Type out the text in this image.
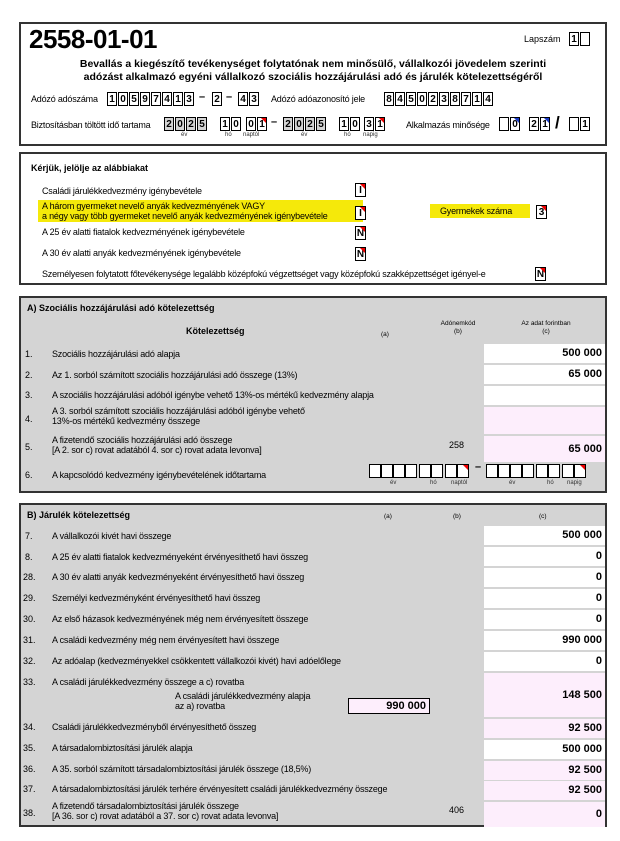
2558-01-01	Lapszám 1
Bevallás a kiegészítő tevékenységet folytatónak nem minősülő, vállalkozói jövedelem szerinti
adózást alkalmazó egyéni vállalkozó szociális hozzájárulási adó és járulék kötelezettségéről
Adózó adószáma 1 0 5 9 7 4 1 3 – 2 – 4 3 Adózó adóazonosító jele 8 4 5 0 2 3 8 7 1 4
Biztosításban töltött idő tartama 2 0 2 5 1 0 0 1 – 2 0 2 5 1 0 3 1
év	hó naptól	év	hó napig
Alkalmazás minősége 0 2 1 / 1
Kérjük, jelölje az alábbiakat
Családi járulékkedvezmény igénybevétele	I
A három gyermeket nevelő anyák kedvezményének VAGY
a négy vagy több gyermeket nevelő anyák kedvezményének igénybevétele	I	Gyermekek száma	3
A 25 év alatti fiatalok kedvezményének igénybevétele	N
A 30 év alatti anyák kedvezményének igénybevétele	N
Személyesen folytatott főtevékenysége legalább középfokú végzettséget vagy középfokú szakképzettséget igényel-e	N
A) Szociális hozzájárulási adó kötelezettség
Kötelezettség	(a)
Adónemkód
(b)
Az adat forintban
(c)
1. Szociális hozzájárulási adó alapja	500 000
2. Az 1. sorból számított szociális hozzájárulási adó összege (13%)	65 000
3. A szociális hozzájárulási adóból igénybe vehető 13%-os mértékű kedvezmény alapja
4.
A 3. sorból számított szociális hozzájárulási adóból igénybe vehető
13%-os mértékű kedvezmény összege
5.
A fizetendő szociális hozzájárulási adó összege
[A 2. sor c) rovat adatából 4. sor c) rovat adata levonva]	258	65 000
6. A kapcsolódó kedvezmény igénybevételének időtartama
–
év	hó naptól	év	hó napig
B) Járulék kötelezettség	(a)	(b)	(c)
7. A vállalkozói kivét havi összege	500 000
8. A 25 év alatti fiatalok kedvezményeként érvényesíthető havi összeg	0
28. A 30 év alatti anyák kedvezményeként érvényesíthető havi összeg	0
29. Személyi kedvezményként érvényesíthető havi összeg	0
30. Az első házasok kedvezményének még nem érvényesített összege	0
31. A családi kedvezmény még nem érvényesített havi összege	990 000
32. Az adóalap (kedvezményekkel csökkentett vállalkozói kivét) havi adóelőlege	0
33. A családi járulékkedvezmény összege a c) rovatba
A családi járulékkedvezmény alapja
az a) rovatba	990 000
148 500
34. Családi járulékkedvezményből érvényesíthető összeg	92 500
35. A társadalombiztosítási járulék alapja	500 000
36. A 35. sorból számított társadalombiztosítási járulék összege (18,5%)	92 500
37. A társadalombiztosítási járulék terhére érvényesített családi járulékkedvezmény összege	92 500
38.
A fizetendő társadalombiztosítási járulék összege
[A 36. sor c) rovat adatából a 37. sor c) rovat adata levonva]
406	0
